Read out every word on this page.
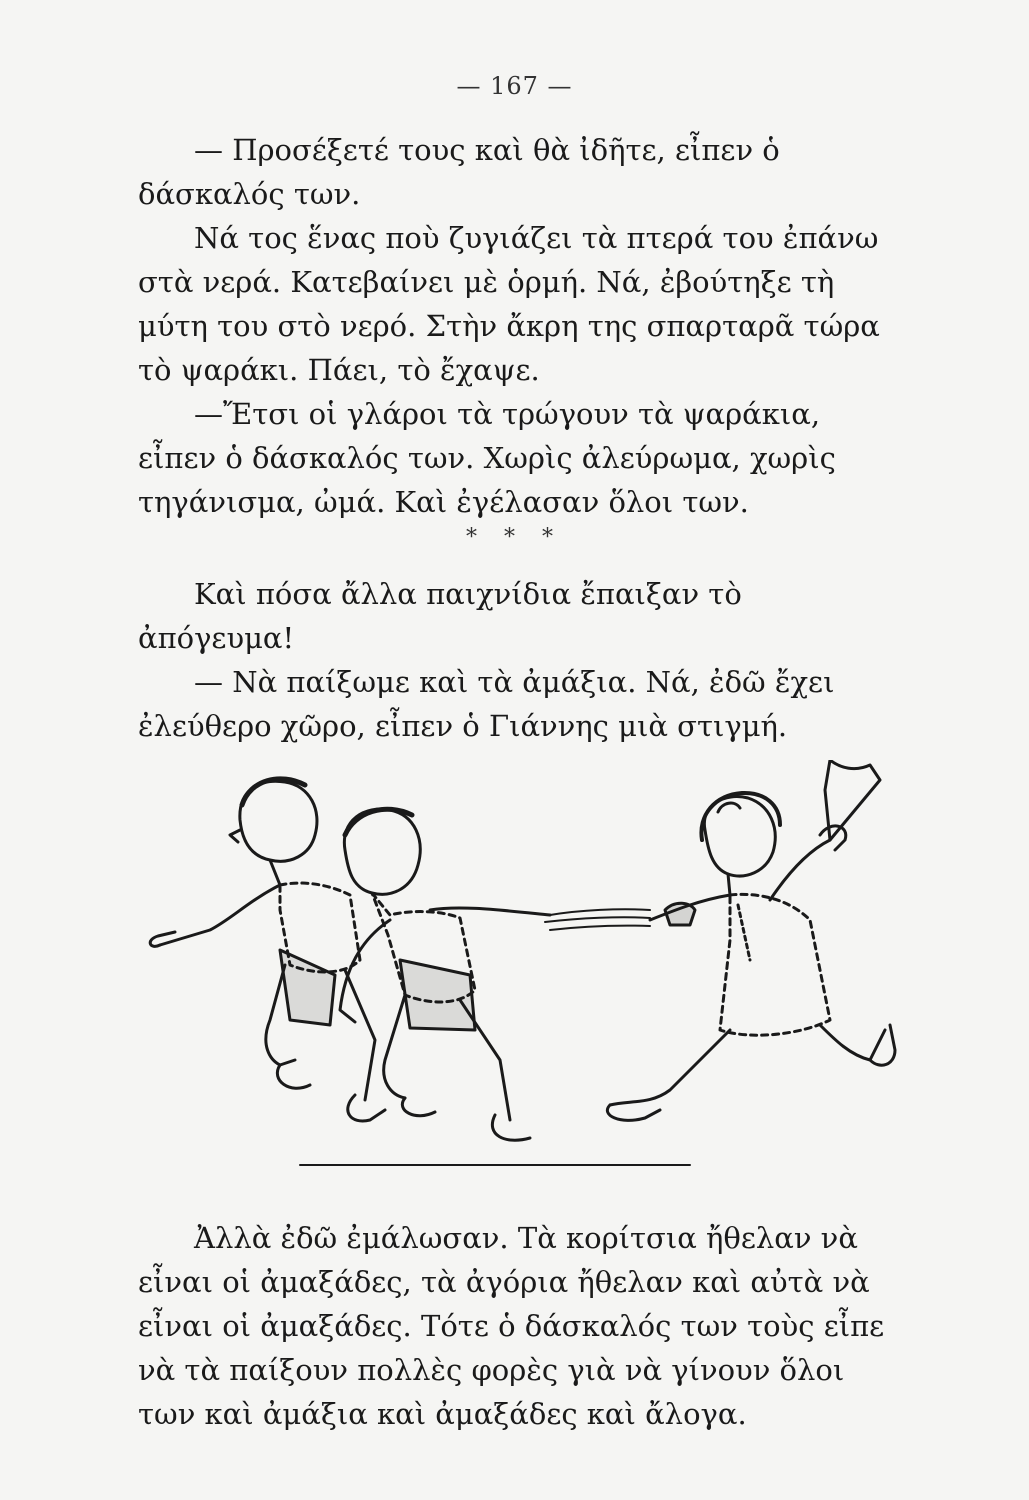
— 167 —

— Προσέξετέ τους καὶ θὰ ἰδῆτε, εἶπεν ὁ δάσκαλός των.

Νά τος ἕνας ποὺ ζυγιάζει τὰ πτερά του ἐπάνω στὰ νερά. Κατεβαίνει μὲ ὁρμή. Νά, ἐβούτηξε τὴ μύτη του στὸ νερό. Στὴν ἄκρη της σπαρταρᾶ τώρα τὸ ψαράκι. Πάει, τὸ ἔχαψε.

—Ἔτσι οἱ γλάροι τὰ τρώγουν τὰ ψαράκια, εἶπεν ὁ δάσκαλός των. Χωρὶς ἀλεύρωμα, χωρὶς τηγάνισμα, ὠμά. Καὶ ἐγέλασαν ὅλοι των.

* * *

Καὶ πόσα ἄλλα παιχνίδια ἔπαιξαν τὸ ἀπόγευμα!

— Νὰ παίξωμε καὶ τὰ ἀμάξια. Νά, ἐδῶ ἔχει ἐλεύθερο χῶρο, εἶπεν ὁ Γιάννης μιὰ στιγμή.

Ἀλλὰ ἐδῶ ἐμάλωσαν. Τὰ κορίτσια ἤθελαν νὰ εἶναι οἱ ἀμαξάδες, τὰ ἀγόρια ἤθελαν καὶ αὐτὰ νὰ εἶναι οἱ ἀμαξάδες. Τότε ὁ δάσκαλός των τοὺς εἶπε νὰ τὰ παίξουν πολλὲς φορὲς γιὰ νὰ γίνουν ὅλοι των καὶ ἀμάξια καὶ ἀμαξάδες καὶ ἄλογα.
